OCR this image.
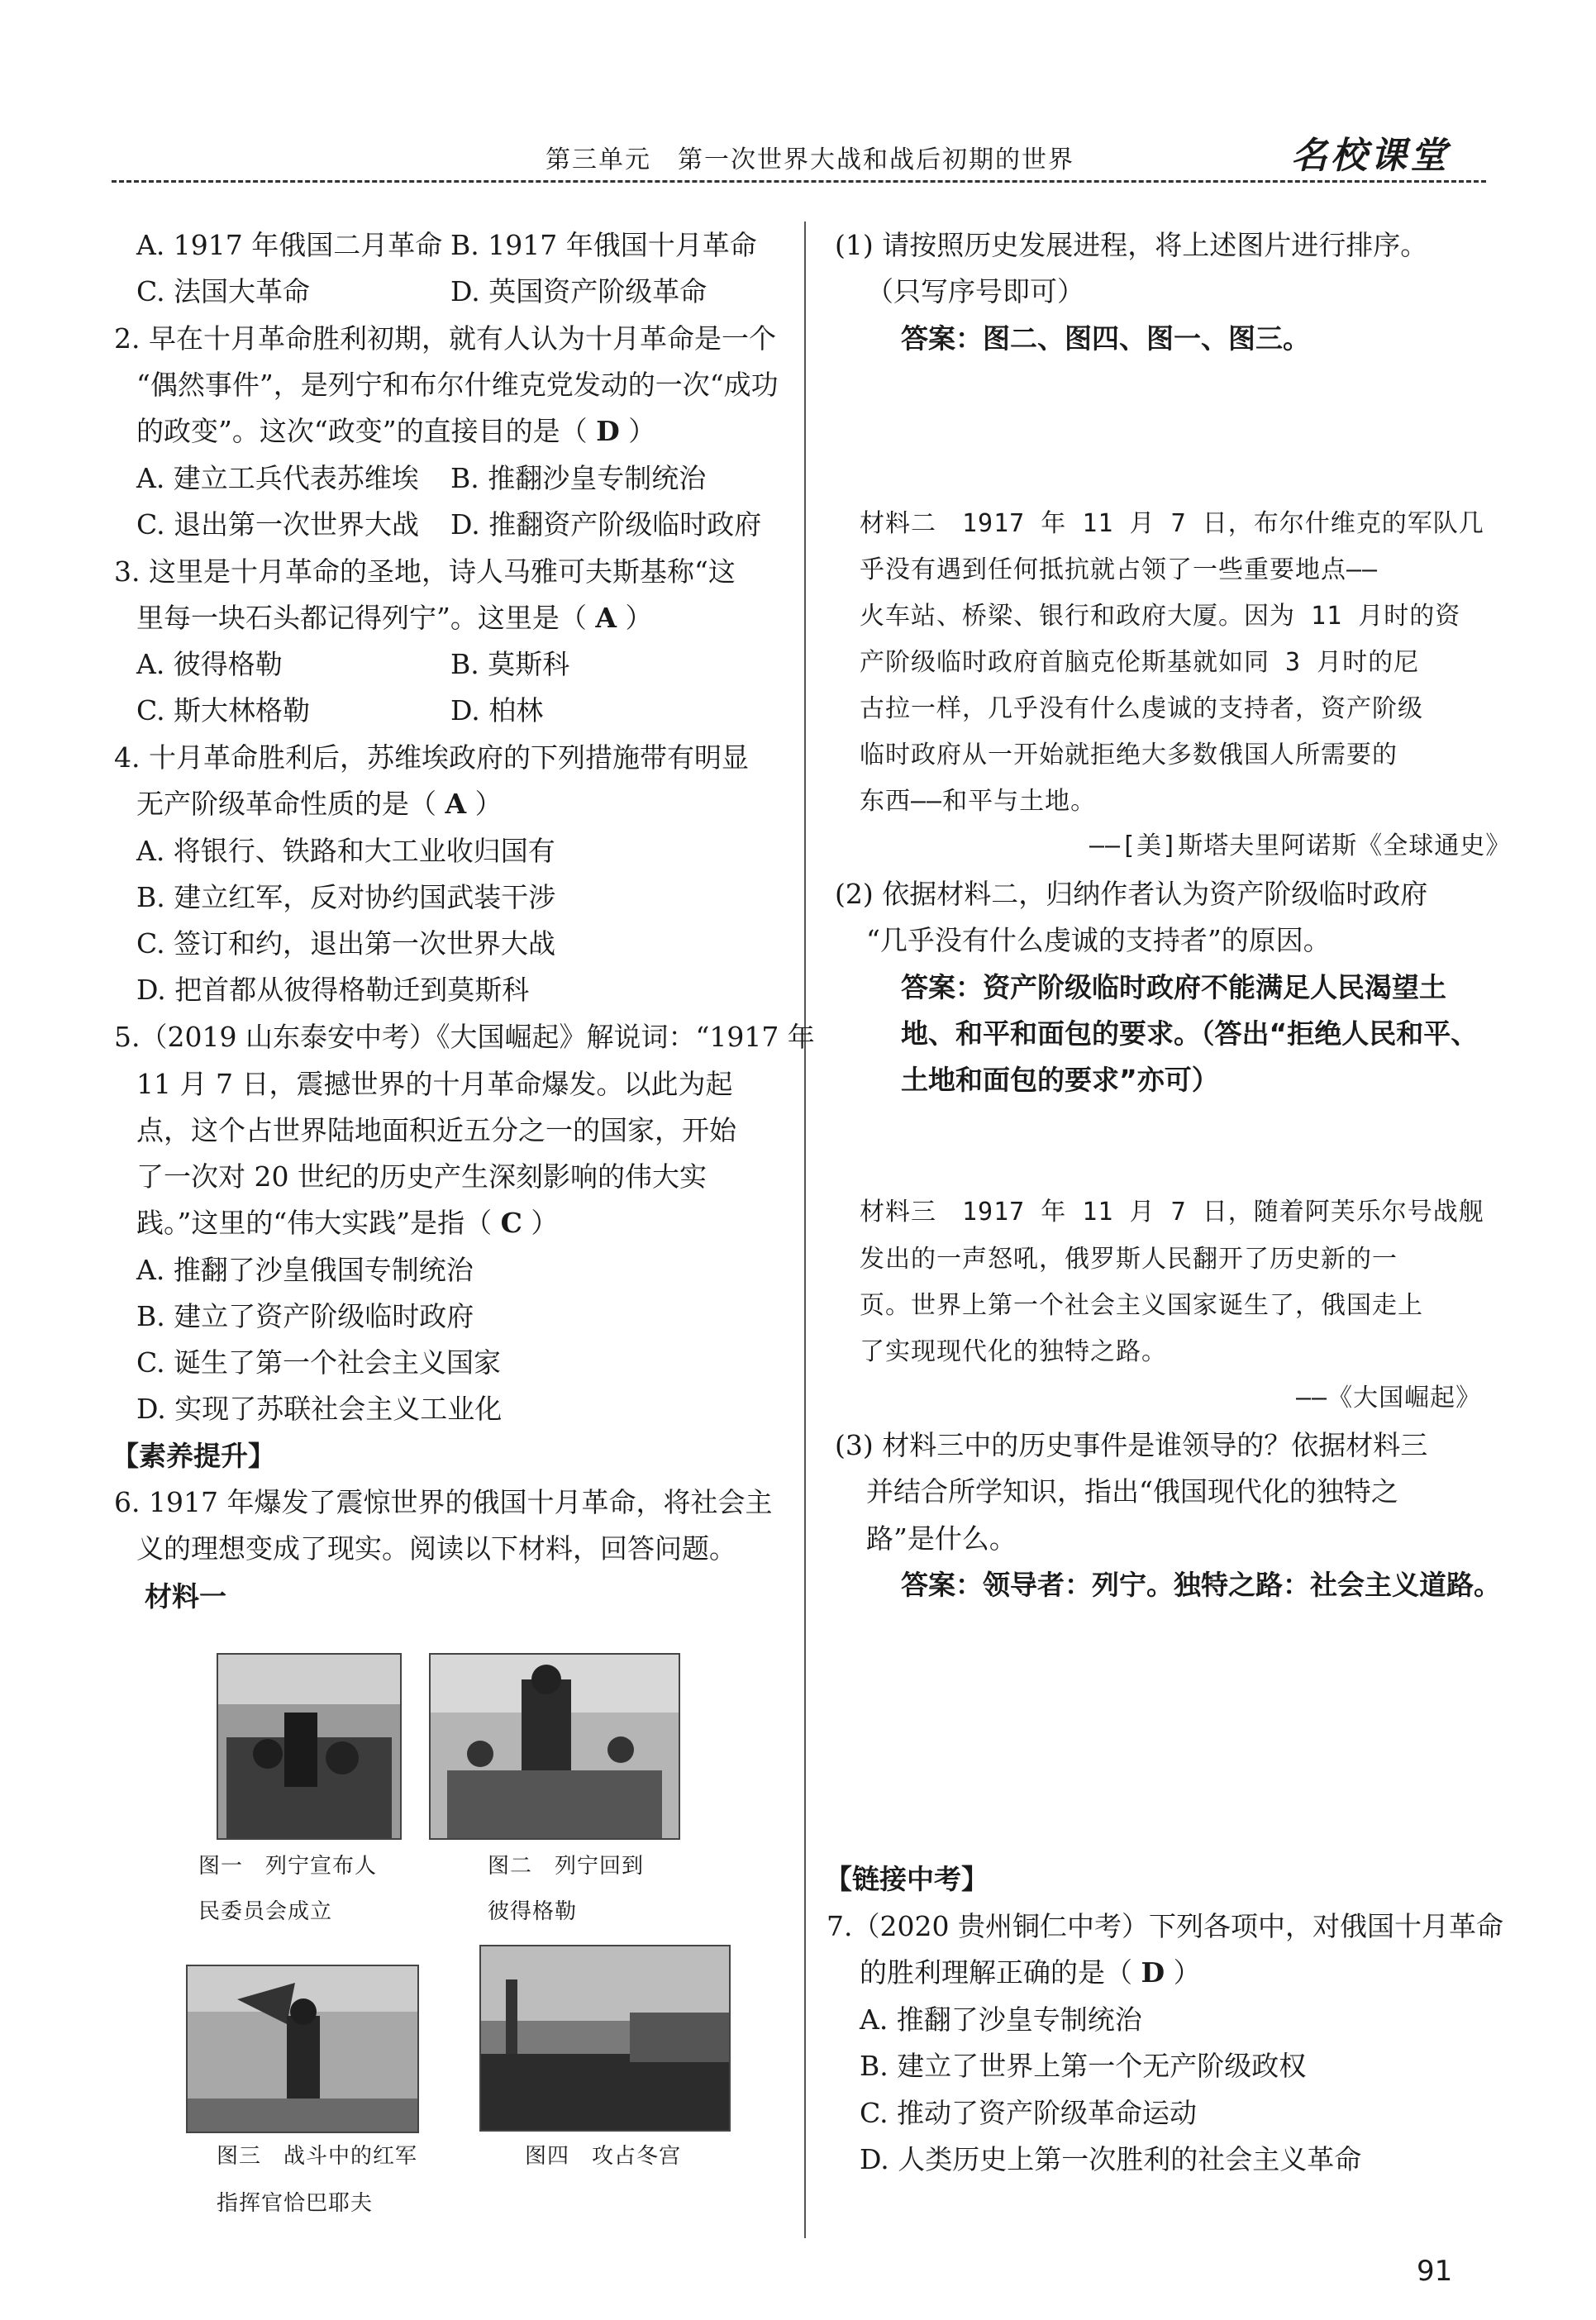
第三单元　第一次世界大战和战后初期的世界	名校课堂
A. 1917 年俄国二月革命 B. 1917 年俄国十月革命
C. 法国大革命	D. 英国资产阶级革命
2. 早在十月革命胜利初期，就有人认为十月革命是一个
“偶然事件”，是列宁和布尔什维克党发动的一次“成功
的政变”。这次“政变”的直接目的是（ D ）
A. 建立工兵代表苏维埃 B. 推翻沙皇专制统治
C. 退出第一次世界大战 D. 推翻资产阶级临时政府
3. 这里是十月革命的圣地，诗人马雅可夫斯基称“这
里每一块石头都记得列宁”。这里是（ A ）
A. 彼得格勒	B. 莫斯科
C. 斯大林格勒	D. 柏林
4. 十月革命胜利后，苏维埃政府的下列措施带有明显
无产阶级革命性质的是（ A ）
A. 将银行、铁路和大工业收归国有
B. 建立红军，反对协约国武装干涉
C. 签订和约，退出第一次世界大战
D. 把首都从彼得格勒迁到莫斯科
5.（2019 山东泰安中考）《大国崛起》解说词：“1917 年
11 月 7 日，震撼世界的十月革命爆发。以此为起
点，这个占世界陆地面积近五分之一的国家，开始
了一次对 20 世纪的历史产生深刻影响的伟大实
践。”这里的“伟大实践”是指（ C ）
A. 推翻了沙皇俄国专制统治
B. 建立了资产阶级临时政府
C. 诞生了第一个社会主义国家
D. 实现了苏联社会主义工业化
【素养提升】
6. 1917 年爆发了震惊世界的俄国十月革命，将社会主
义的理想变成了现实。阅读以下材料，回答问题。
材料一
图一　列宁宣布人
民委员会成立
图二　列宁回到
彼得格勒
图三　战斗中的红军
指挥官恰巴耶夫
图四　攻占冬宫
(1) 请按照历史发展进程，将上述图片进行排序。
（只写序号即可）
答案：图二、图四、图一、图三。
材料二　1917 年 11 月 7 日，布尔什维克的军队几
乎没有遇到任何抵抗就占领了一些重要地点——
火车站、桥梁、银行和政府大厦。因为 11 月时的资
产阶级临时政府首脑克伦斯基就如同 3 月时的尼
古拉一样，几乎没有什么虔诚的支持者，资产阶级
临时政府从一开始就拒绝大多数俄国人所需要的
东西——和平与土地。
——[美]斯塔夫里阿诺斯《全球通史》
(2) 依据材料二，归纳作者认为资产阶级临时政府
“几乎没有什么虔诚的支持者”的原因。
答案：资产阶级临时政府不能满足人民渴望土
地、和平和面包的要求。（答出“拒绝人民和平、
土地和面包的要求”亦可）
材料三　1917 年 11 月 7 日，随着阿芙乐尔号战舰
发出的一声怒吼，俄罗斯人民翻开了历史新的一
页。世界上第一个社会主义国家诞生了，俄国走上
了实现现代化的独特之路。
——《大国崛起》
(3) 材料三中的历史事件是谁领导的？依据材料三
并结合所学知识，指出“俄国现代化的独特之
路”是什么。
答案：领导者：列宁。独特之路：社会主义道路。
【链接中考】
7.（2020 贵州铜仁中考）下列各项中，对俄国十月革命
的胜利理解正确的是（ D ）
A. 推翻了沙皇专制统治
B. 建立了世界上第一个无产阶级政权
C. 推动了资产阶级革命运动
D. 人类历史上第一次胜利的社会主义革命
91
